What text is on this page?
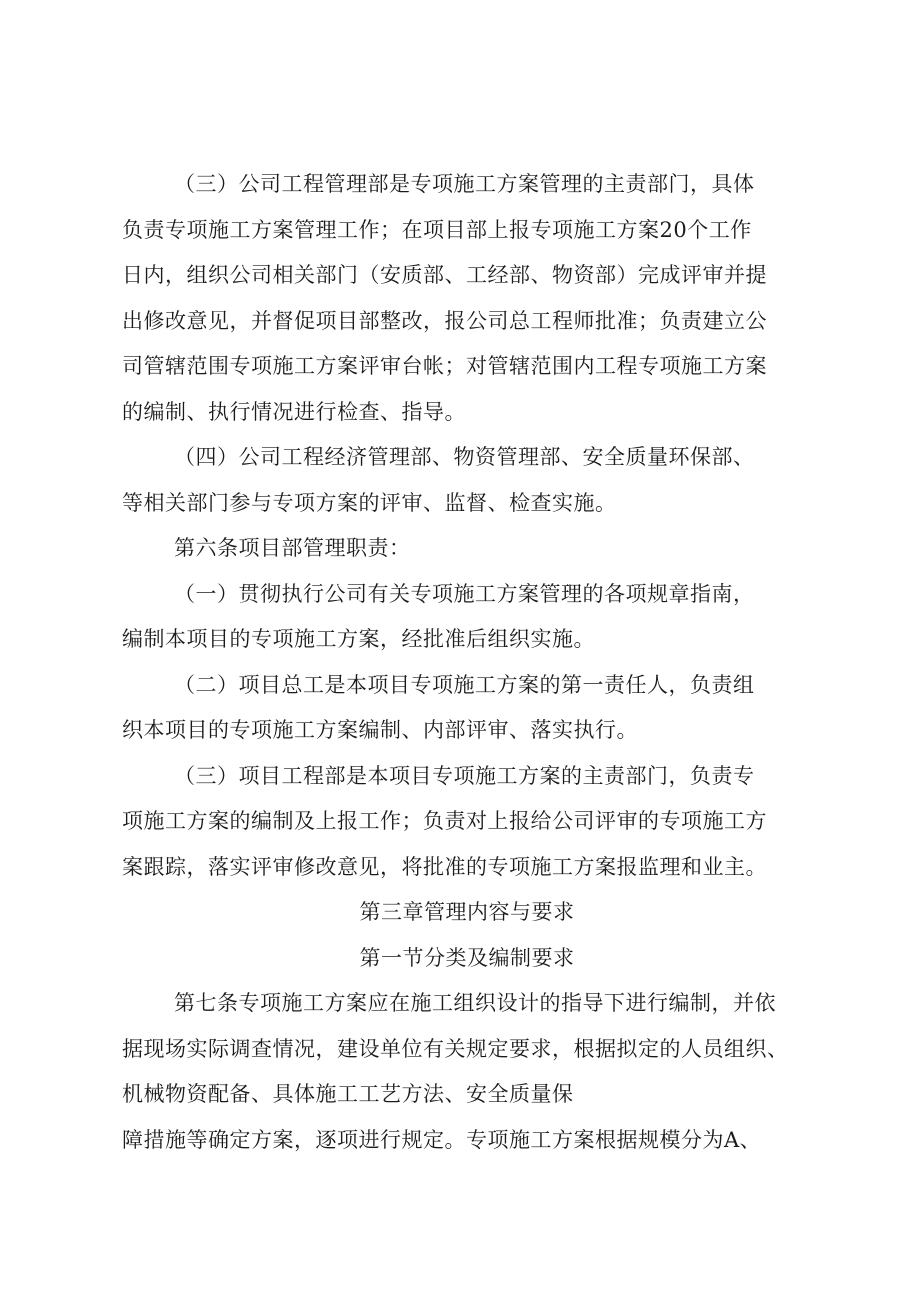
（三）公司工程管理部是专项施工方案管理的主责部门，具体
负责专项施工方案管理工作；在项目部上报专项施工方案20个工作
日内，组织公司相关部门（安质部、工经部、物资部）完成评审并提
出修改意见，并督促项目部整改，报公司总工程师批准；负责建立公
司管辖范围专项施工方案评审台帐；对管辖范围内工程专项施工方案
的编制、执行情况进行检查、指导。
（四）公司工程经济管理部、物资管理部、安全质量环保部、
等相关部门参与专项方案的评审、监督、检查实施。
第六条项目部管理职责：
（一）贯彻执行公司有关专项施工方案管理的各项规章指南，
编制本项目的专项施工方案，经批准后组织实施。
（二）项目总工是本项目专项施工方案的第一责任人，负责组
织本项目的专项施工方案编制、内部评审、落实执行。
（三）项目工程部是本项目专项施工方案的主责部门，负责专
项施工方案的编制及上报工作；负责对上报给公司评审的专项施工方
案跟踪，落实评审修改意见，将批准的专项施工方案报监理和业主。
第三章管理内容与要求
第一节分类及编制要求
第七条专项施工方案应在施工组织设计的指导下进行编制，并依
据现场实际调查情况，建设单位有关规定要求，根据拟定的人员组织、
机械物资配备、具体施工工艺方法、安全质量保
障措施等确定方案，逐项进行规定。专项施工方案根据规模分为A、
